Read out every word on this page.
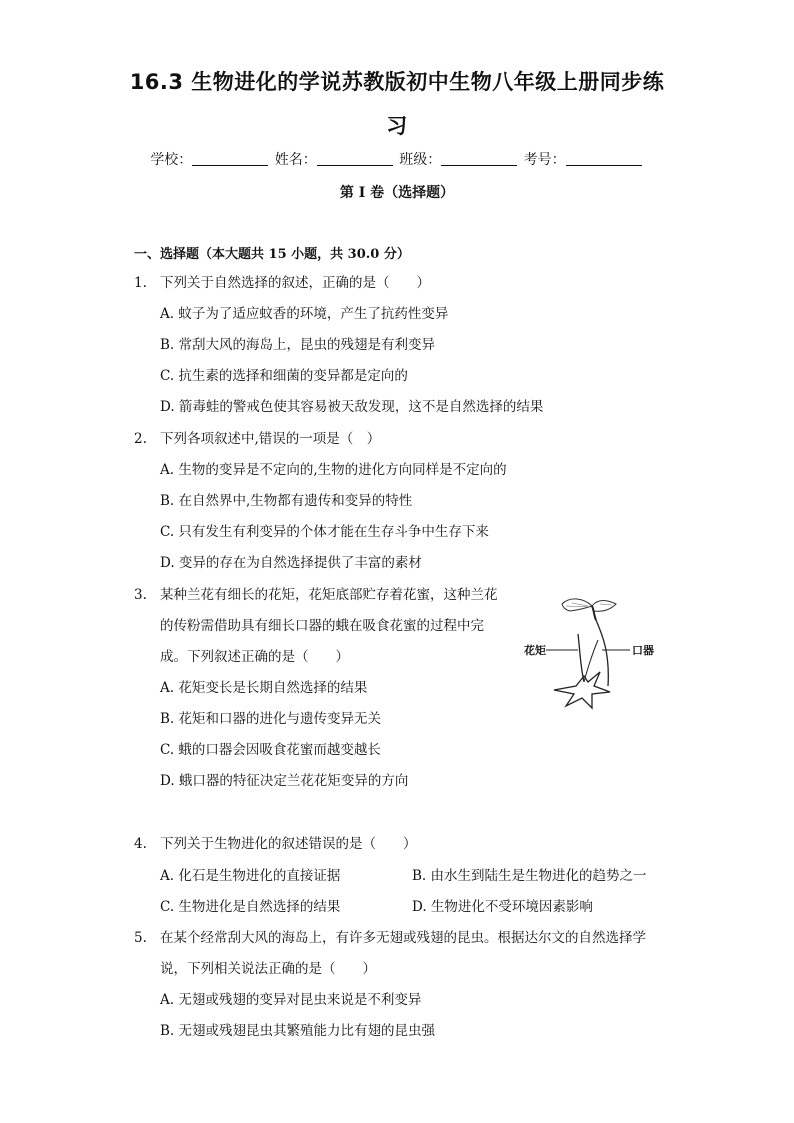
16.3 生物进化的学说苏教版初中生物八年级上册同步练
习
学校：	姓名：	班级：	考号：
第 I 卷（选择题）
一、选择题（本大题共 15 小题，共 30.0 分）
1. 下列关于自然选择的叙述，正确的是（　　）
A. 蚊子为了适应蚊香的环境，产生了抗药性变异
B. 常刮大风的海岛上，昆虫的残翅是有利变异
C. 抗生素的选择和细菌的变异都是定向的
D. 箭毒蛙的警戒色使其容易被天敌发现，这不是自然选择的结果
2. 下列各项叙述中,错误的一项是（　）
A. 生物的变异是不定向的,生物的进化方向同样是不定向的
B. 在自然界中,生物都有遗传和变异的特性
C. 只有发生有利变异的个体才能在生存斗争中生存下来
D. 变异的存在为自然选择提供了丰富的素材
3. 某种兰花有细长的花矩，花矩底部贮存着花蜜，这种兰花
的传粉需借助具有细长口器的蛾在吸食花蜜的过程中完
成。下列叙述正确的是（　　）
A. 花矩变长是长期自然选择的结果
B. 花矩和口器的进化与遗传变异无关
C. 蛾的口器会因吸食花蜜而越变越长
D. 蛾口器的特征决定兰花花矩变异的方向
花矩	口器
4. 下列关于生物进化的叙述错误的是（　　）
A. 化石是生物进化的直接证据	B. 由水生到陆生是生物进化的趋势之一
C. 生物进化是自然选择的结果	D. 生物进化不受环境因素影响
5. 在某个经常刮大风的海岛上，有许多无翅或残翅的昆虫。根据达尔文的自然选择学
说，下列相关说法正确的是（　　）
A. 无翅或残翅的变异对昆虫来说是不利变异
B. 无翅或残翅昆虫其繁殖能力比有翅的昆虫强
